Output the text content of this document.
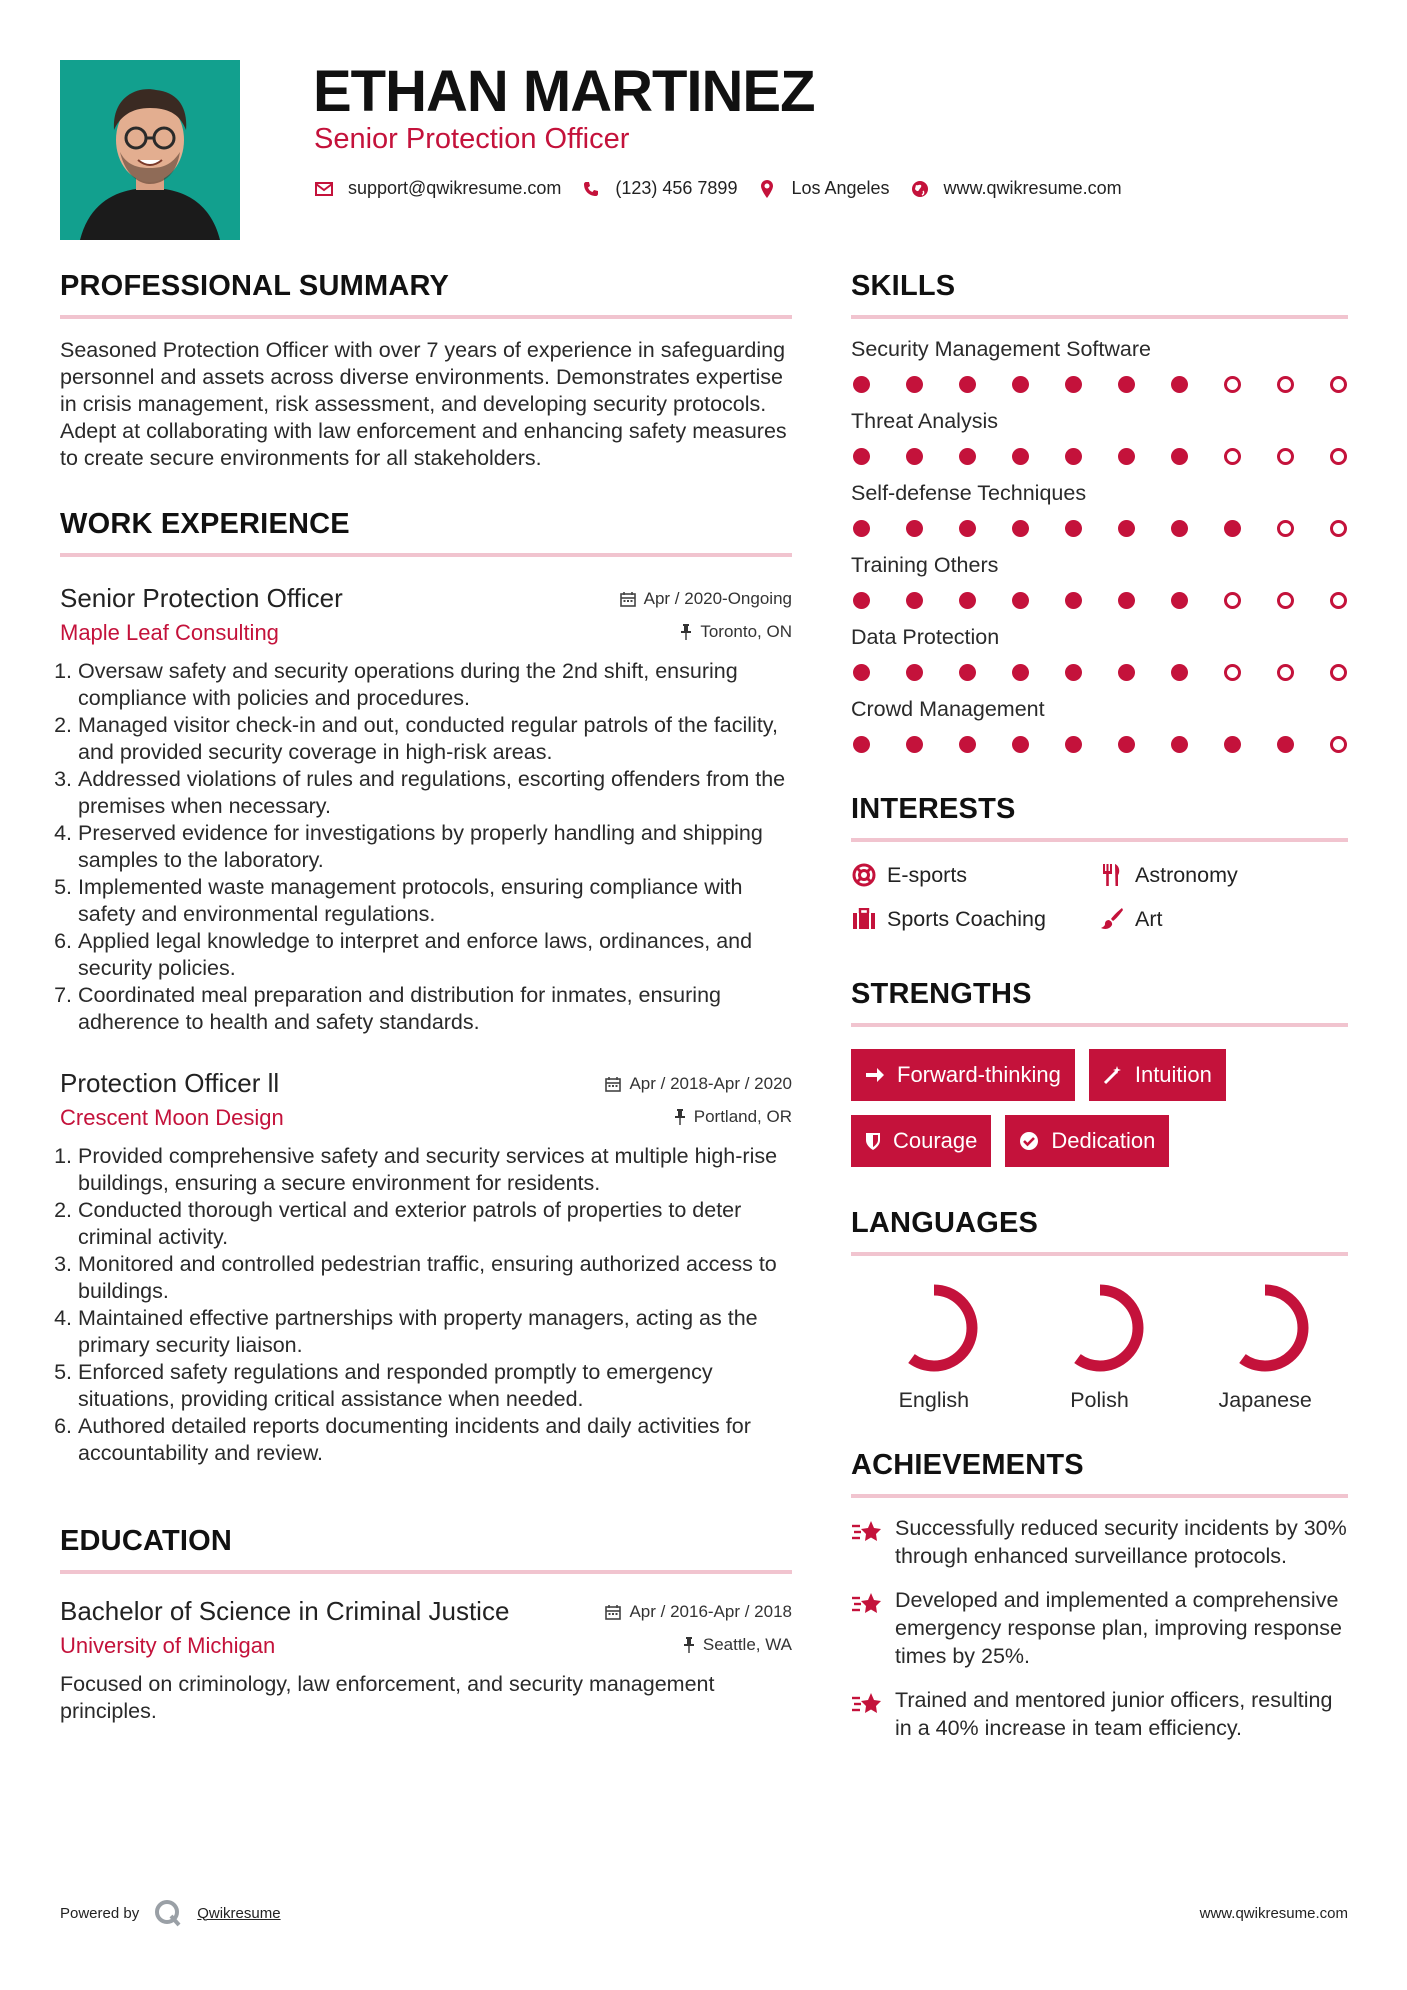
ETHAN MARTINEZ
Senior Protection Officer
support@qwikresume.com	(123) 456 7899	Los Angeles	www.qwikresume.com
PROFESSIONAL SUMMARY

Seasoned Protection Officer with over 7 years of experience in safeguarding personnel and assets across diverse environments. Demonstrates expertise in crisis management, risk assessment, and developing security protocols. Adept at collaborating with law enforcement and enhancing safety measures to create secure environments for all stakeholders.

WORK EXPERIENCE
Senior Protection Officer	Apr / 2020-Ongoing
Maple Leaf Consulting	Toronto, ON
1. Oversaw safety and security operations during the 2nd shift, ensuring compliance with policies and procedures.
2. Managed visitor check-in and out, conducted regular patrols of the facility, and provided security coverage in high-risk areas.
3. Addressed violations of rules and regulations, escorting offenders from the premises when necessary.
4. Preserved evidence for investigations by properly handling and shipping samples to the laboratory.
5. Implemented waste management protocols, ensuring compliance with safety and environmental regulations.
6. Applied legal knowledge to interpret and enforce laws, ordinances, and security policies.
7. Coordinated meal preparation and distribution for inmates, ensuring adherence to health and safety standards.
Protection Officer ll	Apr / 2018-Apr / 2020
Crescent Moon Design	Portland, OR
1. Provided comprehensive safety and security services at multiple high-rise buildings, ensuring a secure environment for residents.
2. Conducted thorough vertical and exterior patrols of properties to deter criminal activity.
3. Monitored and controlled pedestrian traffic, ensuring authorized access to buildings.
4. Maintained effective partnerships with property managers, acting as the primary security liaison.
5. Enforced safety regulations and responded promptly to emergency situations, providing critical assistance when needed.
6. Authored detailed reports documenting incidents and daily activities for accountability and review.
EDUCATION
Bachelor of Science in Criminal Justice	Apr / 2016-Apr / 2018
University of Michigan	Seattle, WA

Focused on criminology, law enforcement, and security management principles.

SKILLS
Security Management Software
Threat Analysis
Self-defense Techniques
Training Others
Data Protection
Crowd Management
INTERESTS
E-sports	Astronomy
Sports Coaching	Art
STRENGTHS
Forward-thinking	Intuition
Courage	Dedication
LANGUAGES
English	Polish	Japanese
ACHIEVEMENTS
Successfully reduced security incidents by 30% through enhanced surveillance protocols.
Developed and implemented a comprehensive emergency response plan, improving response times by 25%.
Trained and mentored junior officers, resulting in a 40% increase in team efficiency.
Powered by	Qwikresume	www.qwikresume.com
